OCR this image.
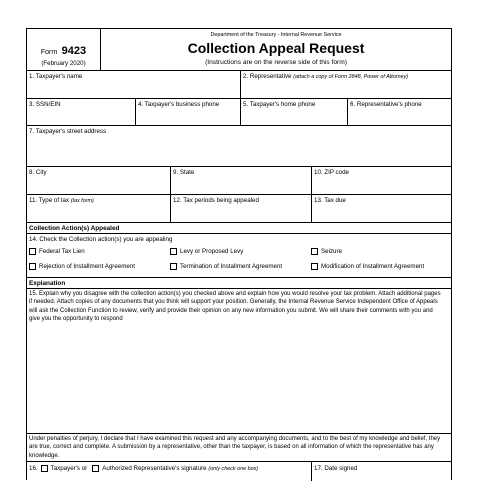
Form 9423
(February 2020)
Department of the Treasury - Internal Revenue Service
Collection Appeal Request
(Instructions are on the reverse side of this form)
1. Taxpayer's name	2. Representative (attach a copy of Form 2848, Power of Attorney)
3. SSN/EIN	4. Taxpayer's business phone	5. Taxpayer's home phone	6. Representative's phone
7. Taxpayer's street address
8. City	9. State	10. ZIP code
11. Type of tax (tax form)	12. Tax periods being appealed	13. Tax due
Collection Action(s) Appealed
14. Check the Collection action(s) you are appealing
Federal Tax Lien	Levy or Proposed Levy	Seizure
Rejection of Installment Agreement	Termination of Installment Agreement	Modification of Installment Agreement
Explanation
15. Explain why you disagree with the collection action(s) you checked above and explain how you would resolve your tax problem. Attach additional pages if needed. Attach copies of any documents that you think will support your position. Generally, the Internal Revenue Service Independent Office of Appeals will ask the Collection Function to review, verify and provide their opinion on any new information you submit. We will share their comments with you and give you the opportunity to respond
Under penalties of perjury, I declare that I have examined this request and any accompanying documents, and to the best of my knowledge and belief, they are true, correct and complete. A submission by a representative, other than the taxpayer, is based on all information of which the representative has any knowledge.
16. Taxpayer's or Authorized Representative's signature
(only check one box)	17. Date signed
